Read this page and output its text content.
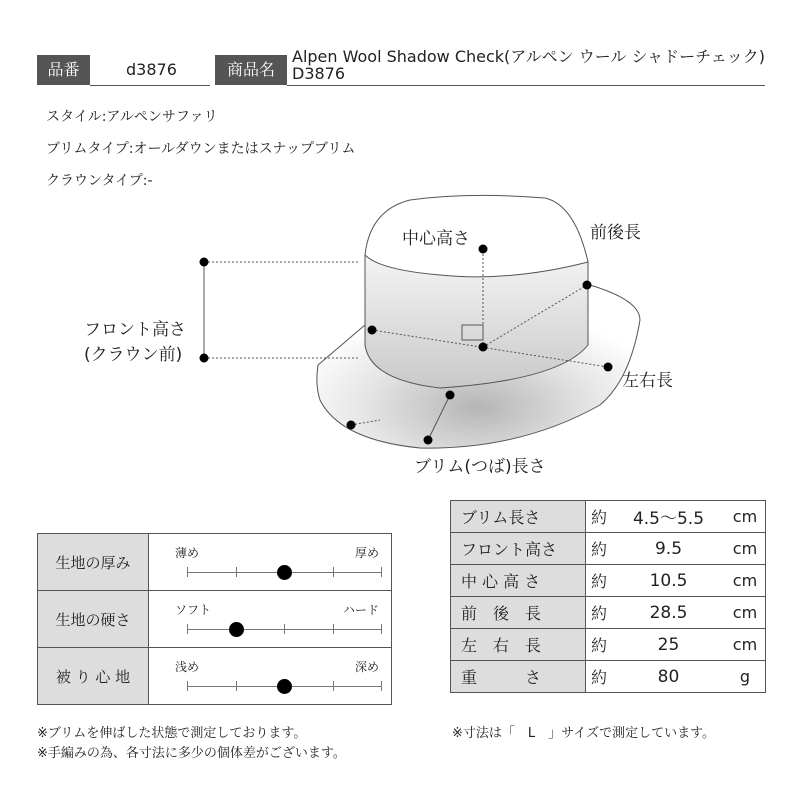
品番	d3876	商品名
Alpen Wool Shadow Check(アルペン ウール シャドーチェック)
D3876
スタイル:アルペンサファリ
ブリムタイプ:オールダウンまたはスナップブリム
クラウンタイプ:-
中心高さ	前後長
フロント高さ
(クラウン前)
左右長
ブリム(つば)長さ
ブリム長さ	約	4.5～5.5	cm
フロント高さ	約	9.5	cm
中 心 高 さ	約	10.5	cm
前　後　長	約	28.5	cm
左　右　長	約	25	cm
重　　　さ	約	80	g
生地の厚み	薄め 厚め

生地の硬さ	ソフト ハード

被 り 心 地	浅め 深め
※ブリムを伸ばした状態で測定しております。
※手編みの為、各寸法に多少の個体差がございます。
※寸法は「　L　」サイズで測定しています。
